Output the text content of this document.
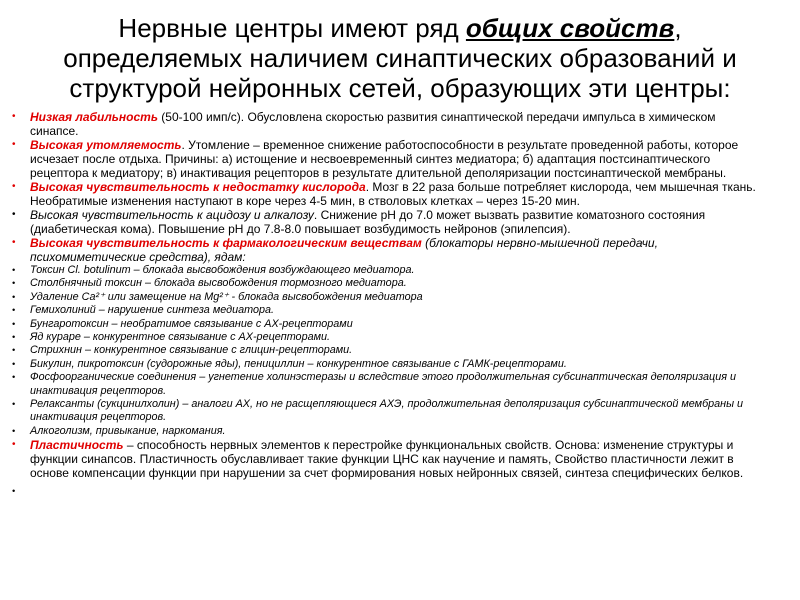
Нервные центры имеют ряд общих свойств,
определяемых наличием синаптических образований и
структурой нейронных сетей, образующих эти центры:
•	Низкая лабильность (50-100 имп/с). Обусловлена скоростью развития синаптической передачи импульса в химическом синапсе.
•	Высокая утомляемость. Утомление – временное снижение работоспособности в результате проведенной работы, которое исчезает после отдыха. Причины: а) истощение и несвоевременный синтез медиатора; б) адаптация постсинаптического рецептора к медиатору; в) инактивация рецепторов в результате длительной деполяризации постсинаптической мембраны.
•	Высокая чувствительность к недостатку кислорода. Мозг в 22 раза больше потребляет кислорода, чем мышечная ткань. Необратимые изменения наступают в коре через 4-5 мин, в стволовых клетках – через 15-20 мин.
•	Высокая чувствительность к ацидозу и алкалозу. Снижение pH до 7.0 может вызвать развитие коматозного состояния (диабетическая кома). Повышение pH до 7.8-8.0 повышает возбудимость нейронов (эпилепсия).
•	Высокая чувствительность к фармакологическим веществам (блокаторы нервно-мышечной передачи, психомиметические средства), ядам:
•	Токсин Cl. botulinum – блокада высвобождения возбуждающего медиатора.
•	Столбнячный токсин – блокада высвобождения тормозного медиатора.
•	Удаление Ca²⁺ или замещение на Mg²⁺ - блокада высвобождения медиатора
•	Гемихолиний – нарушение синтеза медиатора.
•	Бунгаротоксин – необратимое связывание с АХ-рецепторами
•	Яд кураре – конкурентное связывание с АХ-рецепторами.
•	Стрихнин – конкурентное связывание с глицин-рецепторами.
•	Бикулин, пикротоксин (судорожные яды), пенициллин – конкурентное связывание с ГАМК-рецепторами.
•	Фосфоорганические соединения – угнетение холинэстеразы и вследствие этого продолжительная субсинаптическая деполяризация и инактивация рецепторов.
•	Релаксанты (сукцинилхолин) – аналоги АХ, но не расщепляющиеся АХЭ, продолжительная деполяризация субсинаптической мембраны и инактивация рецепторов.
•	Алкоголизм, привыкание, наркомания.
•	Пластичность – способность нервных элементов к перестройке функциональных свойств. Основа: изменение структуры и функции синапсов. Пластичность обуславливает такие функции ЦНС как научение и память, Свойство пластичности лежит в основе компенсации функции при нарушении за счет формирования новых нейронных связей, синтеза специфических белков.
•
